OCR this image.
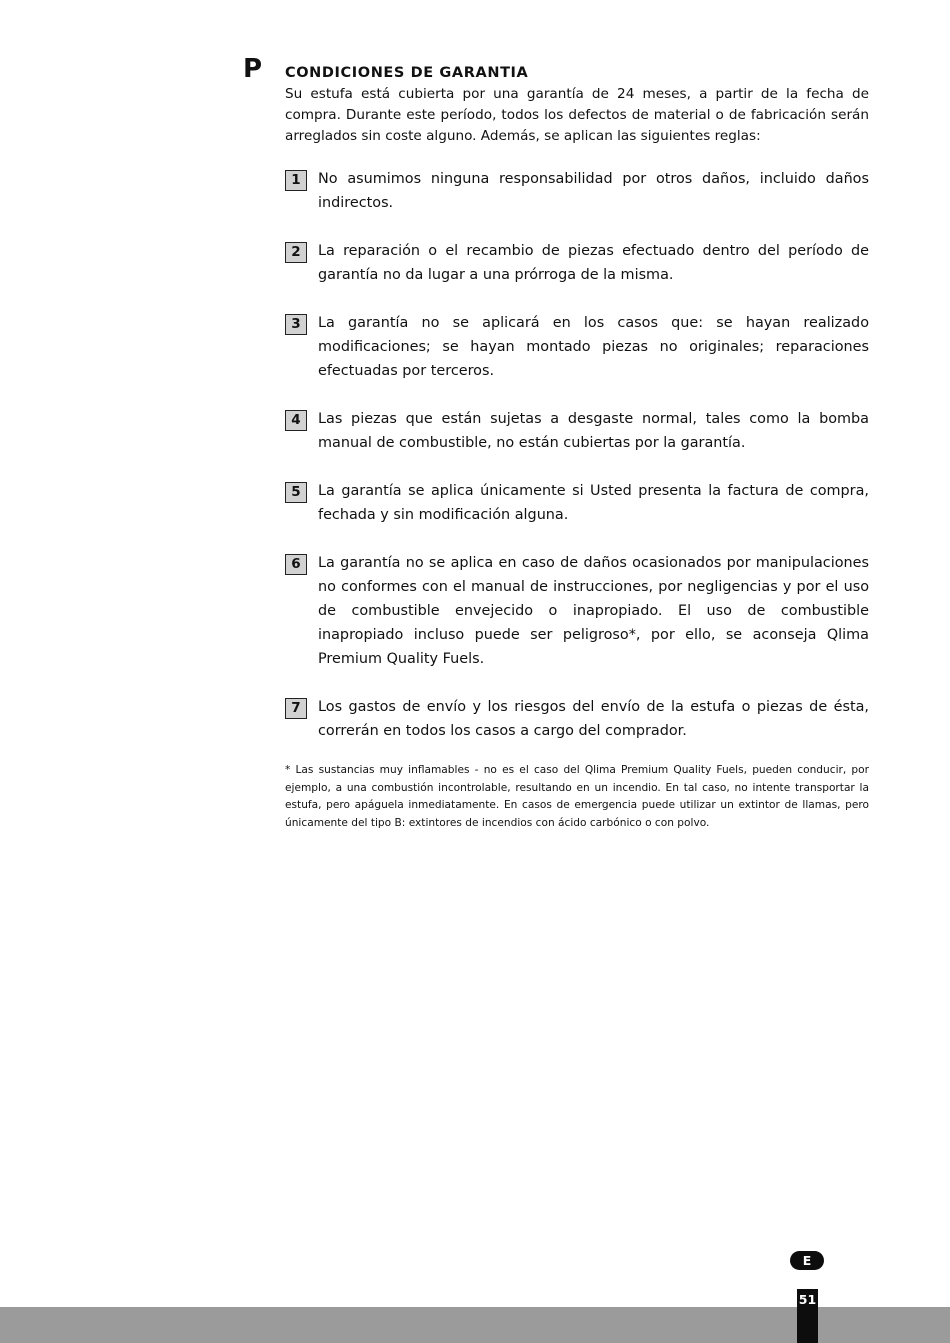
P CONDICIONES DE GARANTIA

Su estufa está cubierta por una garantía de 24 meses, a partir de la fecha de compra. Durante este período, todos los defectos de material o de fabricación serán arreglados sin coste alguno. Además, se aplican las siguientes reglas:

1	No asumimos ninguna responsabilidad por otros daños, incluido daños indirectos.
2	La reparación o el recambio de piezas efectuado dentro del período de garantía no da lugar a una prórroga de la misma.
3	La garantía no se aplicará en los casos que: se hayan realizado modificaciones; se hayan montado piezas no originales; reparaciones efectuadas por terceros.
4	Las piezas que están sujetas a desgaste normal, tales como la bomba manual de combustible, no están cubiertas por la garantía.
5	La garantía se aplica únicamente si Usted presenta la factura de compra, fechada y sin modificación alguna.
6	La garantía no se aplica en caso de daños ocasionados por manipulaciones no conformes con el manual de instrucciones, por negligencias y por el uso de combustible envejecido o inapropiado. El uso de combustible inapropiado incluso puede ser peligroso*, por ello, se aconseja Qlima Premium Quality Fuels.
7	Los gastos de envío y los riesgos del envío de la estufa o piezas de ésta, correrán en todos los casos a cargo del comprador.

* Las sustancias muy inflamables - no es el caso del Qlima Premium Quality Fuels, pueden conducir, por ejemplo, a una combustión incontrolable, resultando en un incendio. En tal caso, no intente transportar la estufa, pero apáguela inmediatamente. En casos de emergencia puede utilizar un extintor de llamas, pero únicamente del tipo B: extintores de incendios con ácido carbónico o con polvo.

E
51
